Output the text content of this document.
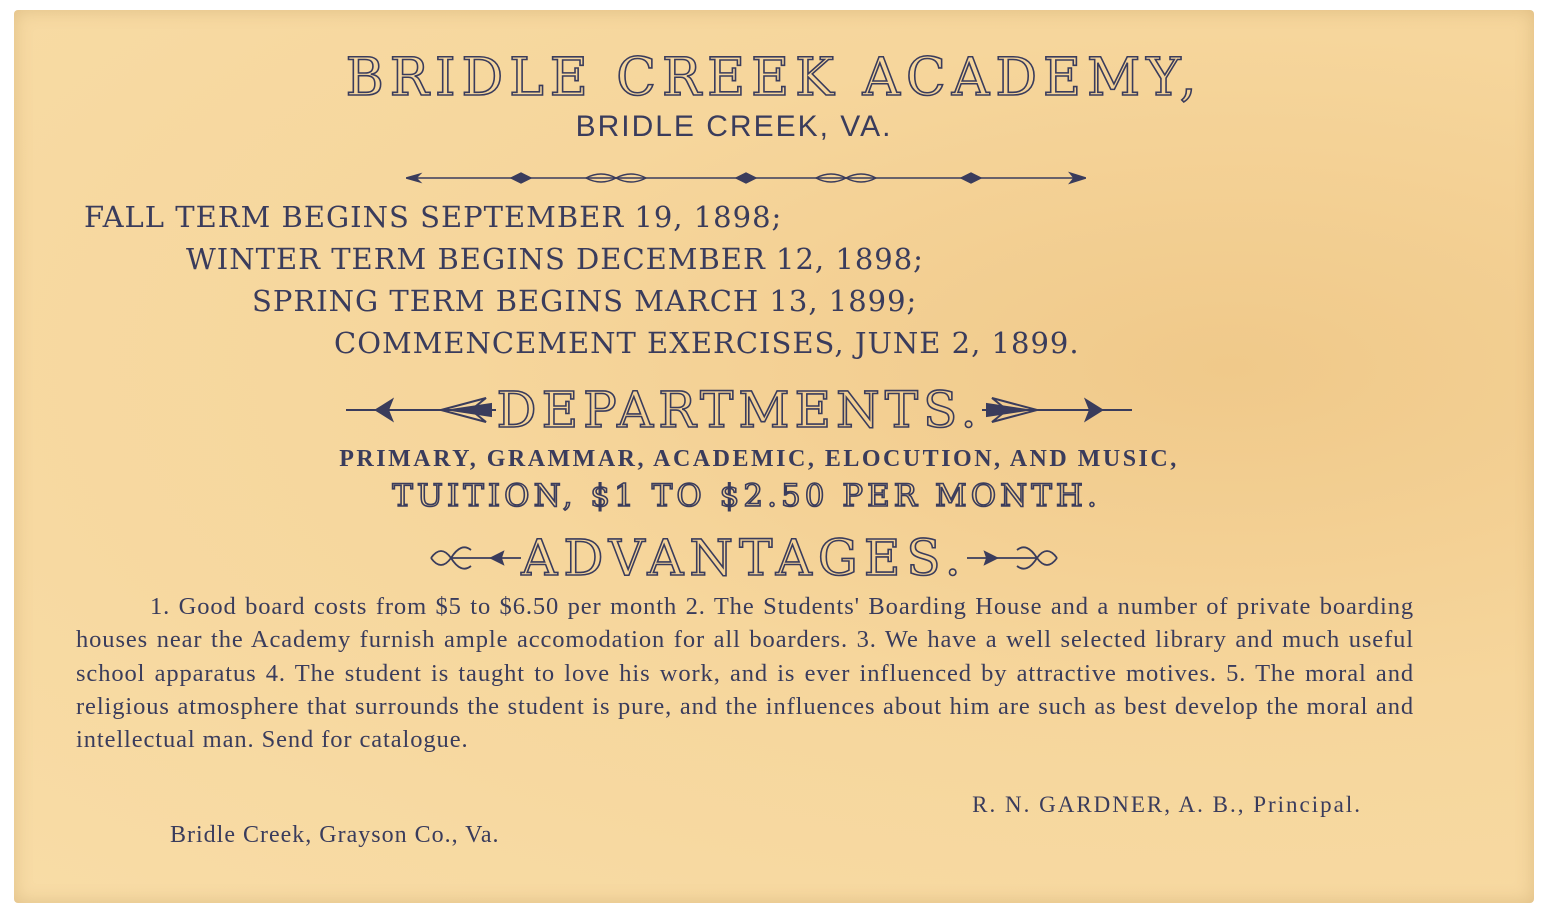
BRIDLE CREEK ACADEMY,
BRIDLE CREEK, VA.
FALL TERM BEGINS SEPTEMBER 19, 1898;
WINTER TERM BEGINS DECEMBER 12, 1898;
SPRING TERM BEGINS MARCH 13, 1899;
COMMENCEMENT EXERCISES, JUNE 2, 1899.
DEPARTMENTS.
PRIMARY, GRAMMAR, ACADEMIC, ELOCUTION, AND MUSIC,
TUITION, $1 TO $2.50 PER MONTH.
ADVANTAGES.
1. Good board costs from $5 to $6.50 per month 2. The Students' Boarding House and a number of private boarding houses near the Academy furnish ample accomodation for all boarders. 3. We have a well selected library and much useful school apparatus 4. The student is taught to love his work, and is ever influenced by attractive motives. 5. The moral and religious atmosphere that surrounds the student is pure, and the influences about him are such as best develop the moral and intellectual man. Send for catalogue.
R. N. GARDNER, A. B., Principal.
Bridle Creek, Grayson Co., Va.
